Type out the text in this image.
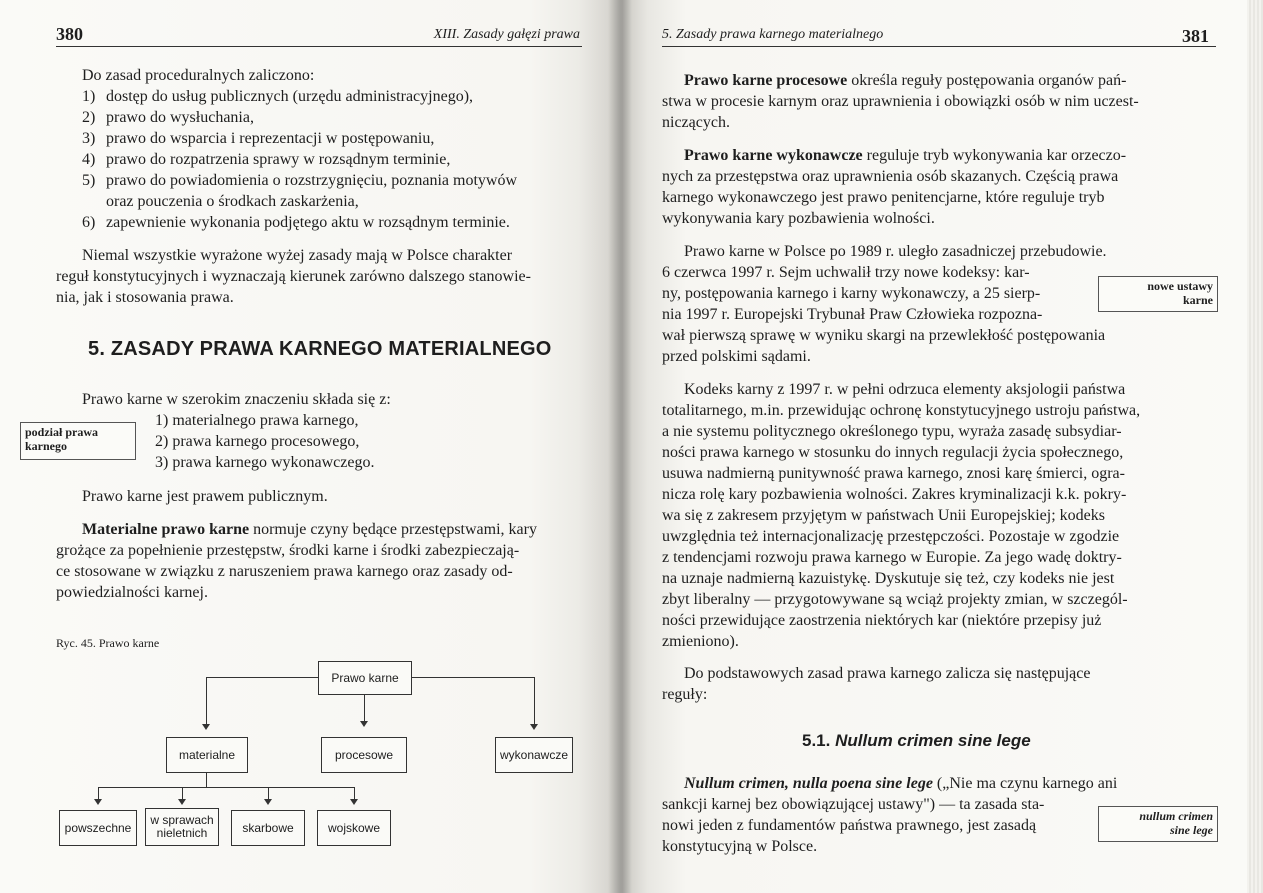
380	XIII. Zasady gałęzi prawa
Do zasad proceduralnych zaliczono:
1) dostęp do usług publicznych (urzędu administracyjnego),
2) prawo do wysłuchania,
3) prawo do wsparcia i reprezentacji w postępowaniu,
4) prawo do rozpatrzenia sprawy w rozsądnym terminie,
5) prawo do powiadomienia o rozstrzygnięciu, poznania motywów
oraz pouczenia o środkach zaskarżenia,
6) zapewnienie wykonania podjętego aktu w rozsądnym terminie.
Niemal wszystkie wyrażone wyżej zasady mają w Polsce charakter
reguł konstytucyjnych i wyznaczają kierunek zarówno dalszego stanowie-
nia, jak i stosowania prawa.
5. ZASADY PRAWA KARNEGO MATERIALNEGO
Prawo karne w szerokim znaczeniu składa się z:
1) materialnego prawa karnego,
2) prawa karnego procesowego,
3) prawa karnego wykonawczego.
podział prawa
karnego
Prawo karne jest prawem publicznym.
Materialne prawo karne normuje czyny będące przestępstwami, kary
grożące za popełnienie przestępstw, środki karne i środki zabezpieczają-
ce stosowane w związku z naruszeniem prawa karnego oraz zasady od-
powiedzialności karnej.
Ryc. 45. Prawo karne
Prawo karne
materialne	procesowe	wykonawcze
powszechne
w sprawach nieletnich	skarbowe	wojskowe
5. Zasady prawa karnego materialnego	381
Prawo karne procesowe określa reguły postępowania organów pań-
stwa w procesie karnym oraz uprawnienia i obowiązki osób w nim uczest-
niczących.
Prawo karne wykonawcze reguluje tryb wykonywania kar orzeczo-
nych za przestępstwa oraz uprawnienia osób skazanych. Częścią prawa
karnego wykonawczego jest prawo penitencjarne, które reguluje tryb
wykonywania kary pozbawienia wolności.
Prawo karne w Polsce po 1989 r. uległo zasadniczej przebudowie.
6 czerwca 1997 r. Sejm uchwalił trzy nowe kodeksy: kar-
ny, postępowania karnego i karny wykonawczy, a 25 sierp-
nia 1997 r. Europejski Trybunał Praw Człowieka rozpozna-
wał pierwszą sprawę w wyniku skargi na przewlekłość postępowania
przed polskimi sądami.
nowe ustawy
karne
Kodeks karny z 1997 r. w pełni odrzuca elementy aksjologii państwa
totalitarnego, m.in. przewidując ochronę konstytucyjnego ustroju państwa,
a nie systemu politycznego określonego typu, wyraża zasadę subsydiar-
ności prawa karnego w stosunku do innych regulacji życia społecznego,
usuwa nadmierną punitywność prawa karnego, znosi karę śmierci, ogra-
nicza rolę kary pozbawienia wolności. Zakres kryminalizacji k.k. pokry-
wa się z zakresem przyjętym w państwach Unii Europejskiej; kodeks
uwzględnia też internacjonalizację przestępczości. Pozostaje w zgodzie
z tendencjami rozwoju prawa karnego w Europie. Za jego wadę doktry-
na uznaje nadmierną kazuistykę. Dyskutuje się też, czy kodeks nie jest
zbyt liberalny — przygotowywane są wciąż projekty zmian, w szczegól-
ności przewidujące zaostrzenia niektórych kar (niektóre przepisy już
zmieniono).
Do podstawowych zasad prawa karnego zalicza się następujące
reguły:
5.1. Nullum crimen sine lege
Nullum crimen, nulla poena sine lege („Nie ma czynu karnego ani
sankcji karnej bez obowiązującej ustawy") — ta zasada sta-
nowi jeden z fundamentów państwa prawnego, jest zasadą
konstytucyjną w Polsce.
nullum crimen
sine lege
